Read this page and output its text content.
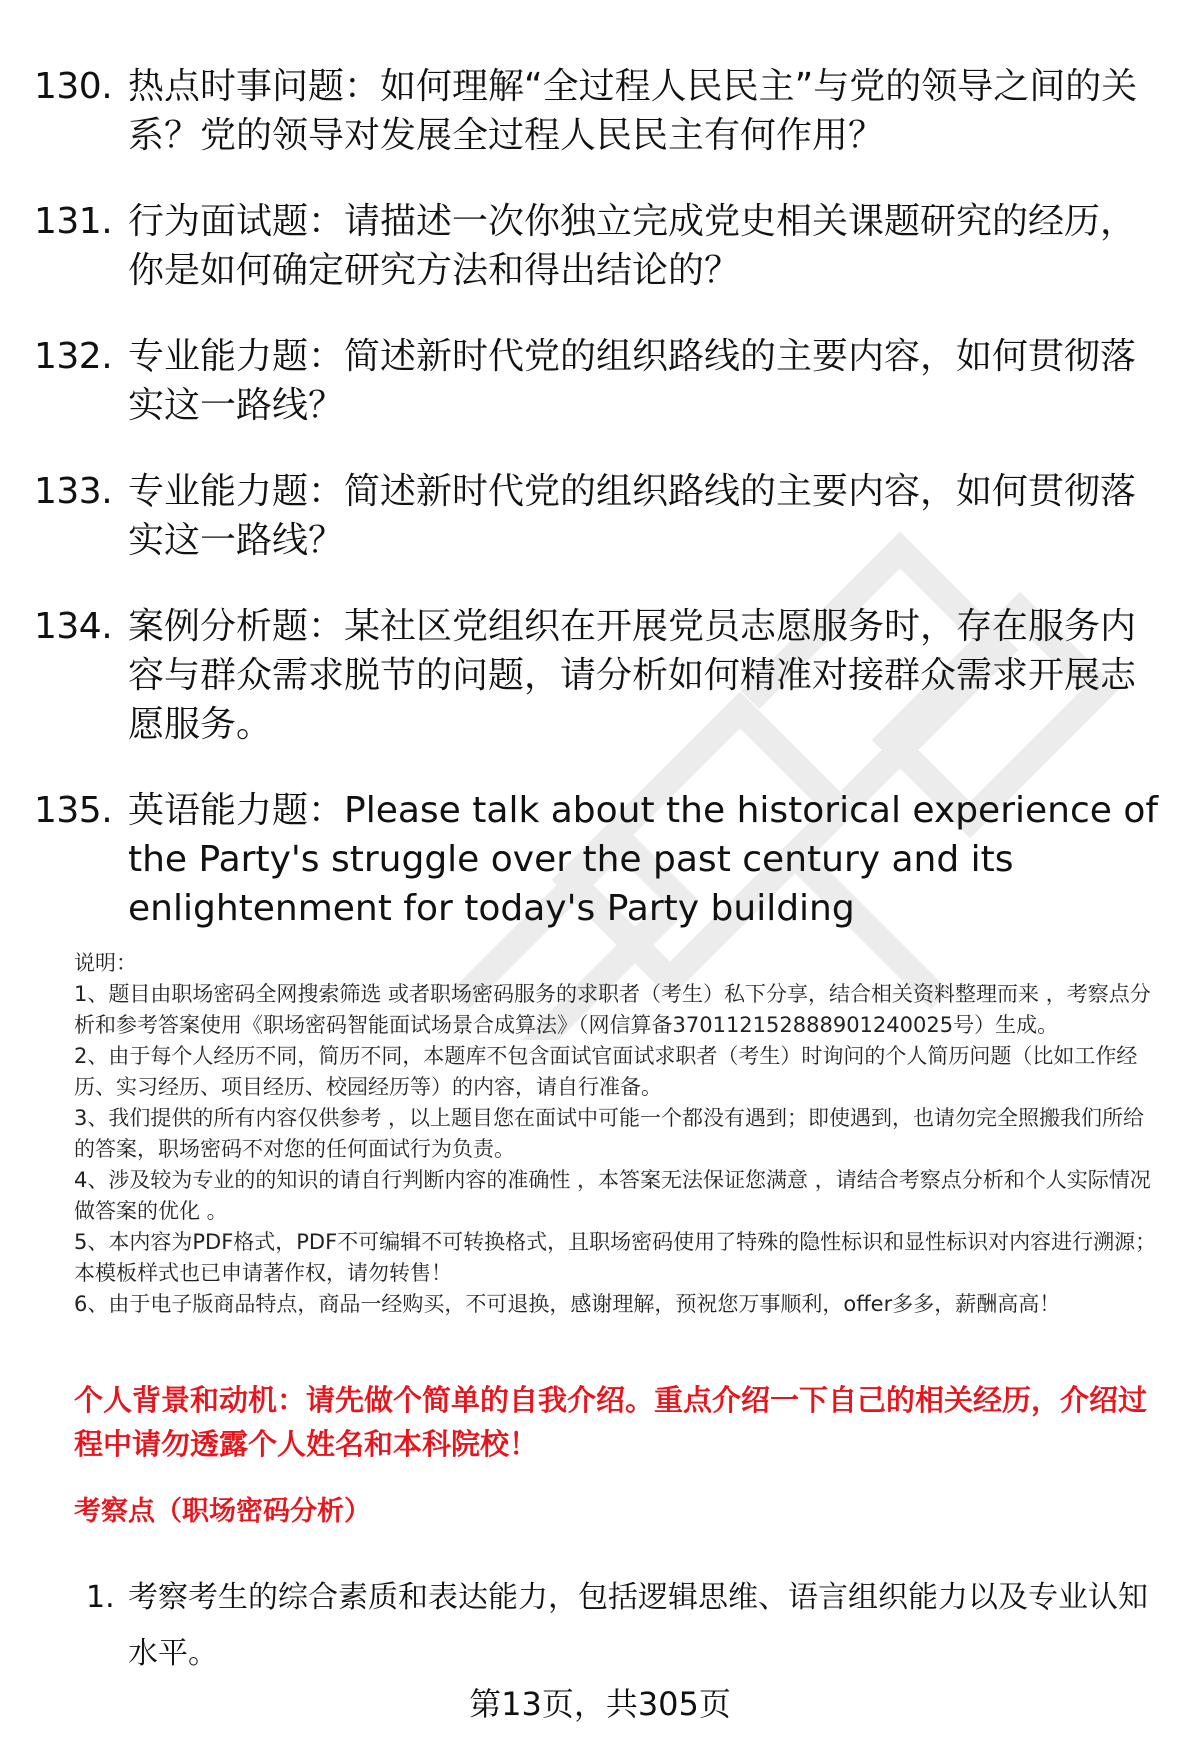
130. 热点时事问题：如何理解“全过程人民民主”与党的领导之间的关系？党的领导对发展全过程人民民主有何作用？
131. 行为面试题：请描述一次你独立完成党史相关课题研究的经历，你是如何确定研究方法和得出结论的？
132. 专业能力题：简述新时代党的组织路线的主要内容，如何贯彻落实这一路线？
133. 专业能力题：简述新时代党的组织路线的主要内容，如何贯彻落实这一路线？
134. 案例分析题：某社区党组织在开展党员志愿服务时，存在服务内容与群众需求脱节的问题，请分析如何精准对接群众需求开展志愿服务。
135. 英语能力题：Please talk about the historical experience of the Party's struggle over the past century and its enlightenment for today's Party building
说明：
1、题目由职场密码全网搜索筛选 或者职场密码服务的求职者（考生）私下分享，结合相关资料整理而来 ，考察点分析和参考答案使用《职场密码智能面试场景合成算法》（网信算备370112152888901240025号）生成。
2、由于每个人经历不同，简历不同，本题库不包含面试官面试求职者（考生）时询问的个人简历问题（比如工作经历、实习经历、项目经历、校园经历等）的内容，请自行准备。
3、我们提供的所有内容仅供参考 ，以上题目您在面试中可能一个都没有遇到；即使遇到，也请勿完全照搬我们所给的答案，职场密码不对您的任何面试行为负责。
4、涉及较为专业的的知识的请自行判断内容的准确性 ，本答案无法保证您满意 ，请结合考察点分析和个人实际情况做答案的优化 。
5、本内容为PDF格式，PDF不可编辑不可转换格式，且职场密码使用了特殊的隐性标识和显性标识对内容进行溯源；本模板样式也已申请著作权，请勿转售！
6、由于电子版商品特点，商品一经购买，不可退换，感谢理解，预祝您万事顺利，offer多多，薪酬高高！
个人背景和动机：请先做个简单的自我介绍。重点介绍一下自己的相关经历，介绍过程中请勿透露个人姓名和本科院校！
考察点（职场密码分析）
1. 考察考生的综合素质和表达能力，包括逻辑思维、语言组织能力以及专业认知水平。
第13页，共305页
